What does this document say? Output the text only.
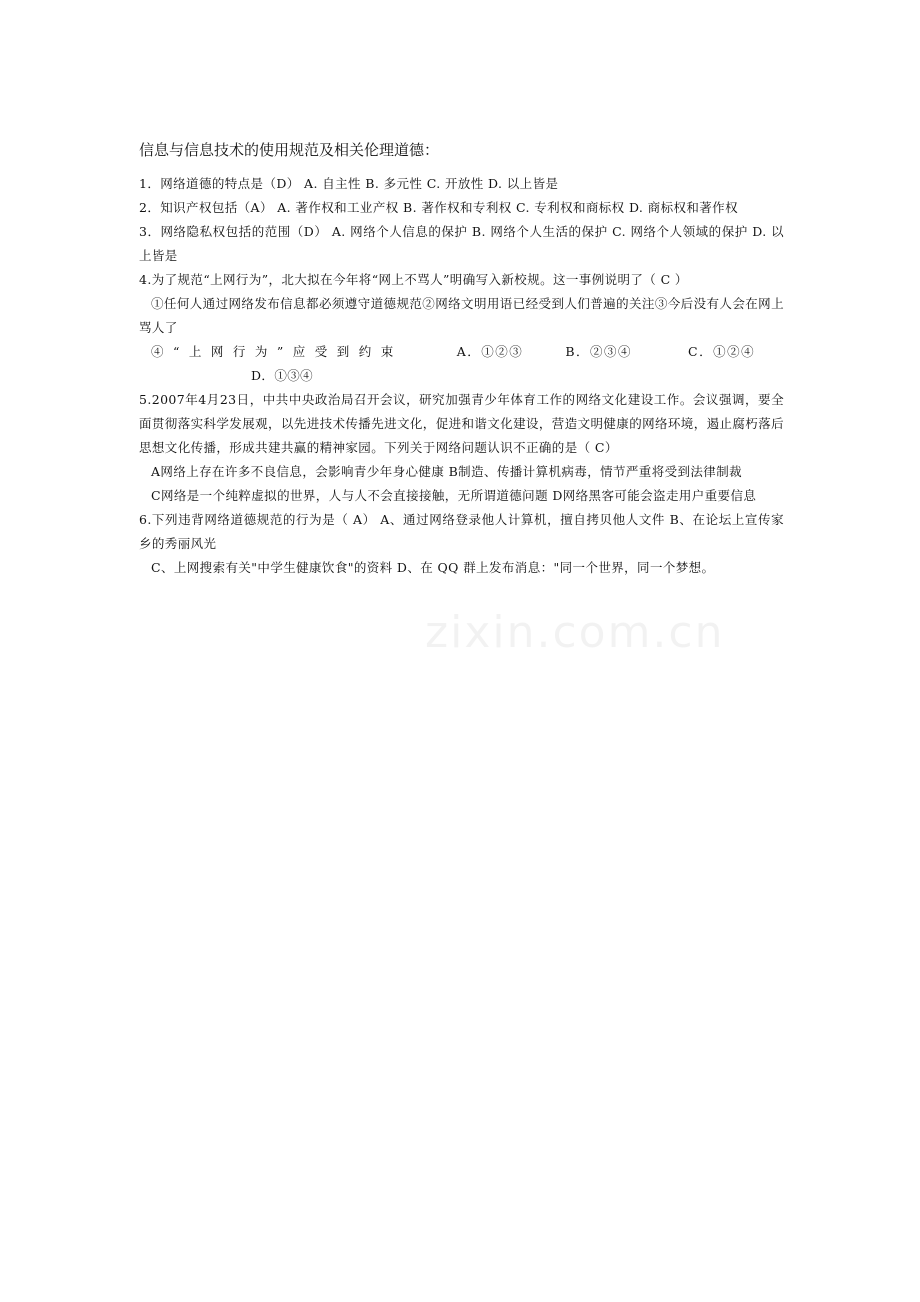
信息与信息技术的使用规范及相关伦理道德：

1．网络道德的特点是（D） A. 自主性 B. 多元性 C. 开放性 D. 以上皆是

2．知识产权包括（A） A. 著作权和工业产权 B. 著作权和专利权 C. 专利权和商标权 D. 商标权和著作权

3．网络隐私权包括的范围（D） A. 网络个人信息的保护 B. 网络个人生活的保护 C. 网络个人领域的保护 D. 以上皆是

4.为了规范“上网行为”，北大拟在今年将“网上不骂人”明确写入新校规。这一事例说明了（ C ）

①任何人通过网络发布信息都必须遵守道德规范②网络文明用语已经受到人们普遍的关注③今后没有人会在网上骂人了

④“上网行为”应受到约束	A．①②③	B．②③④	C．①②④

D．①③④

5.2007年4月23日，中共中央政治局召开会议，研究加强青少年体育工作的网络文化建设工作。会议强调，要全面贯彻落实科学发展观，以先进技术传播先进文化，促进和谐文化建设，营造文明健康的网络环境，遏止腐朽落后思想文化传播，形成共建共赢的精神家园。下列关于网络问题认识不正确的是（ C）

A网络上存在许多不良信息，会影响青少年身心健康 B制造、传播计算机病毒，情节严重将受到法律制裁

C网络是一个纯粹虚拟的世界，人与人不会直接接触，无所谓道德问题 D网络黑客可能会盗走用户重要信息

6.下列违背网络道德规范的行为是（ A） A、通过网络登录他人计算机，擅自拷贝他人文件 B、在论坛上宣传家乡的秀丽风光

C、上网搜索有关"中学生健康饮食"的资料 D、在 QQ 群上发布消息："同一个世界，同一个梦想。

zixin.com.cn
